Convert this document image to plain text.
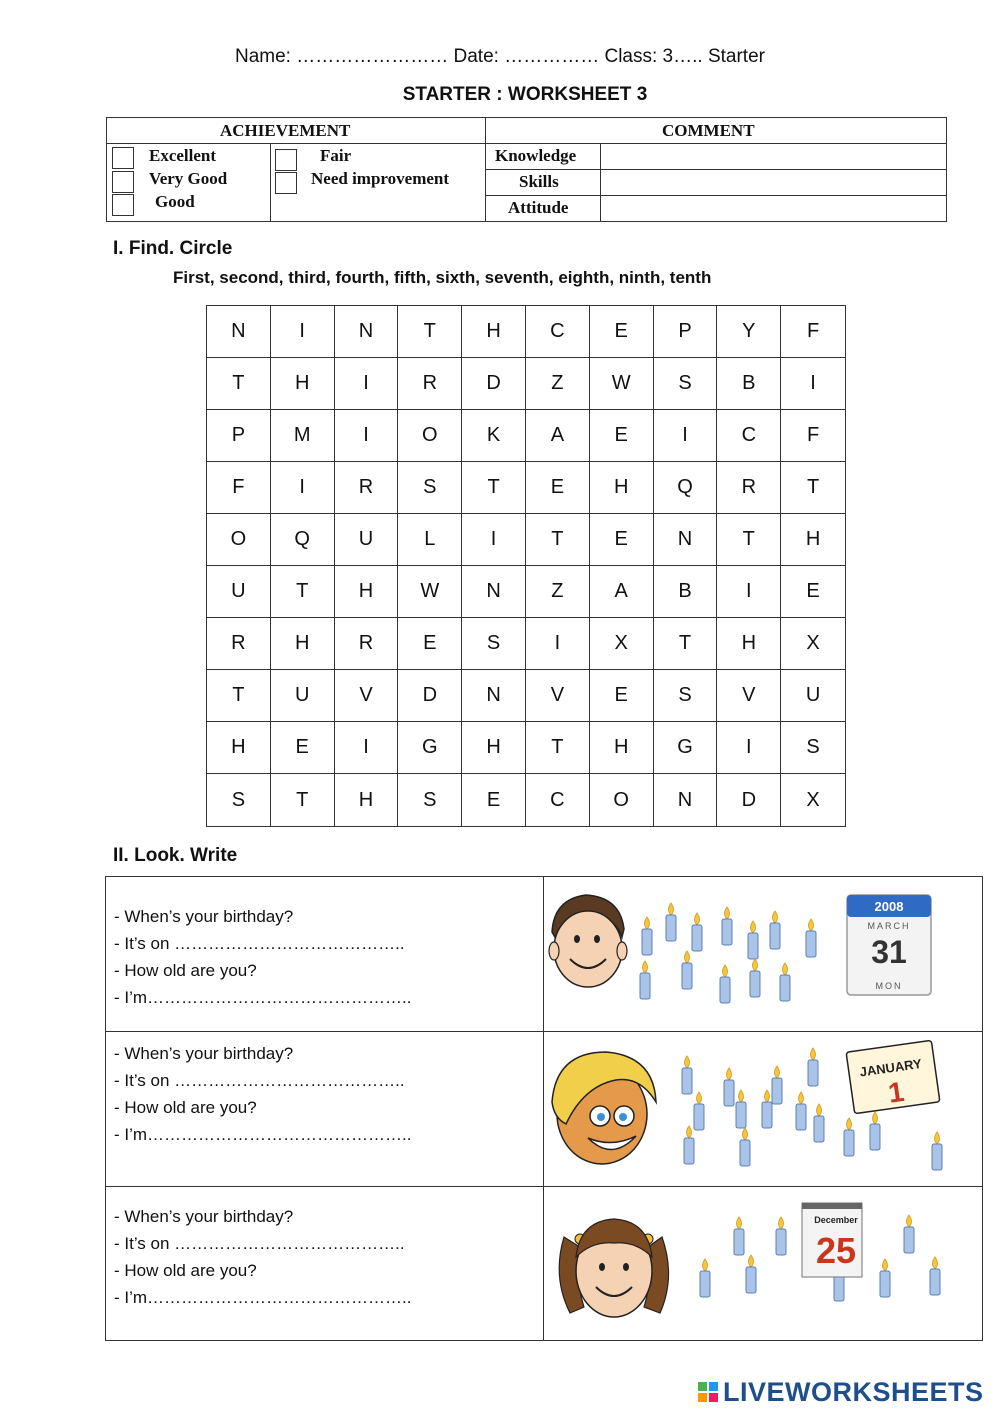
Name: …………………… Date: …………… Class: 3….. Starter
STARTER : WORKSHEET 3
ACHIEVEMENT	COMMENT
Excellent
Very Good
Good
Fair
Need improvement
Knowledge
Skills
Attitude
I. Find. Circle
First, second, third, fourth, fifth, sixth, seventh, eighth, ninth, tenth
N	I	N	T	H	C	E	P	Y	F
T	H	I	R	D	Z	W	S	B	I
P	M	I	O	K	A	E	I	C	F
F	I	R	S	T	E	H	Q	R	T
O	Q	U	L	I	T	E	N	T	H
U	T	H	W	N	Z	A	B	I	E
R	H	R	E	S	I	X	T	H	X
T	U	V	D	N	V	E	S	V	U
H	E	I	G	H	T	H	G	I	S
S	T	H	S	E	C	O	N	D	X
II. Look. Write
- When’s your birthday?
- It’s on …………………………………..
- How old are you?
- I’m………………………………………..
2008
MARCH
31
MON
- When’s your birthday?
- It’s on …………………………………..
- How old are you?
- I’m………………………………………..
JANUARY
1
- When’s your birthday?
- It’s on …………………………………..
- How old are you?
- I’m………………………………………..
December
25
LIVEWORKSHEETS
